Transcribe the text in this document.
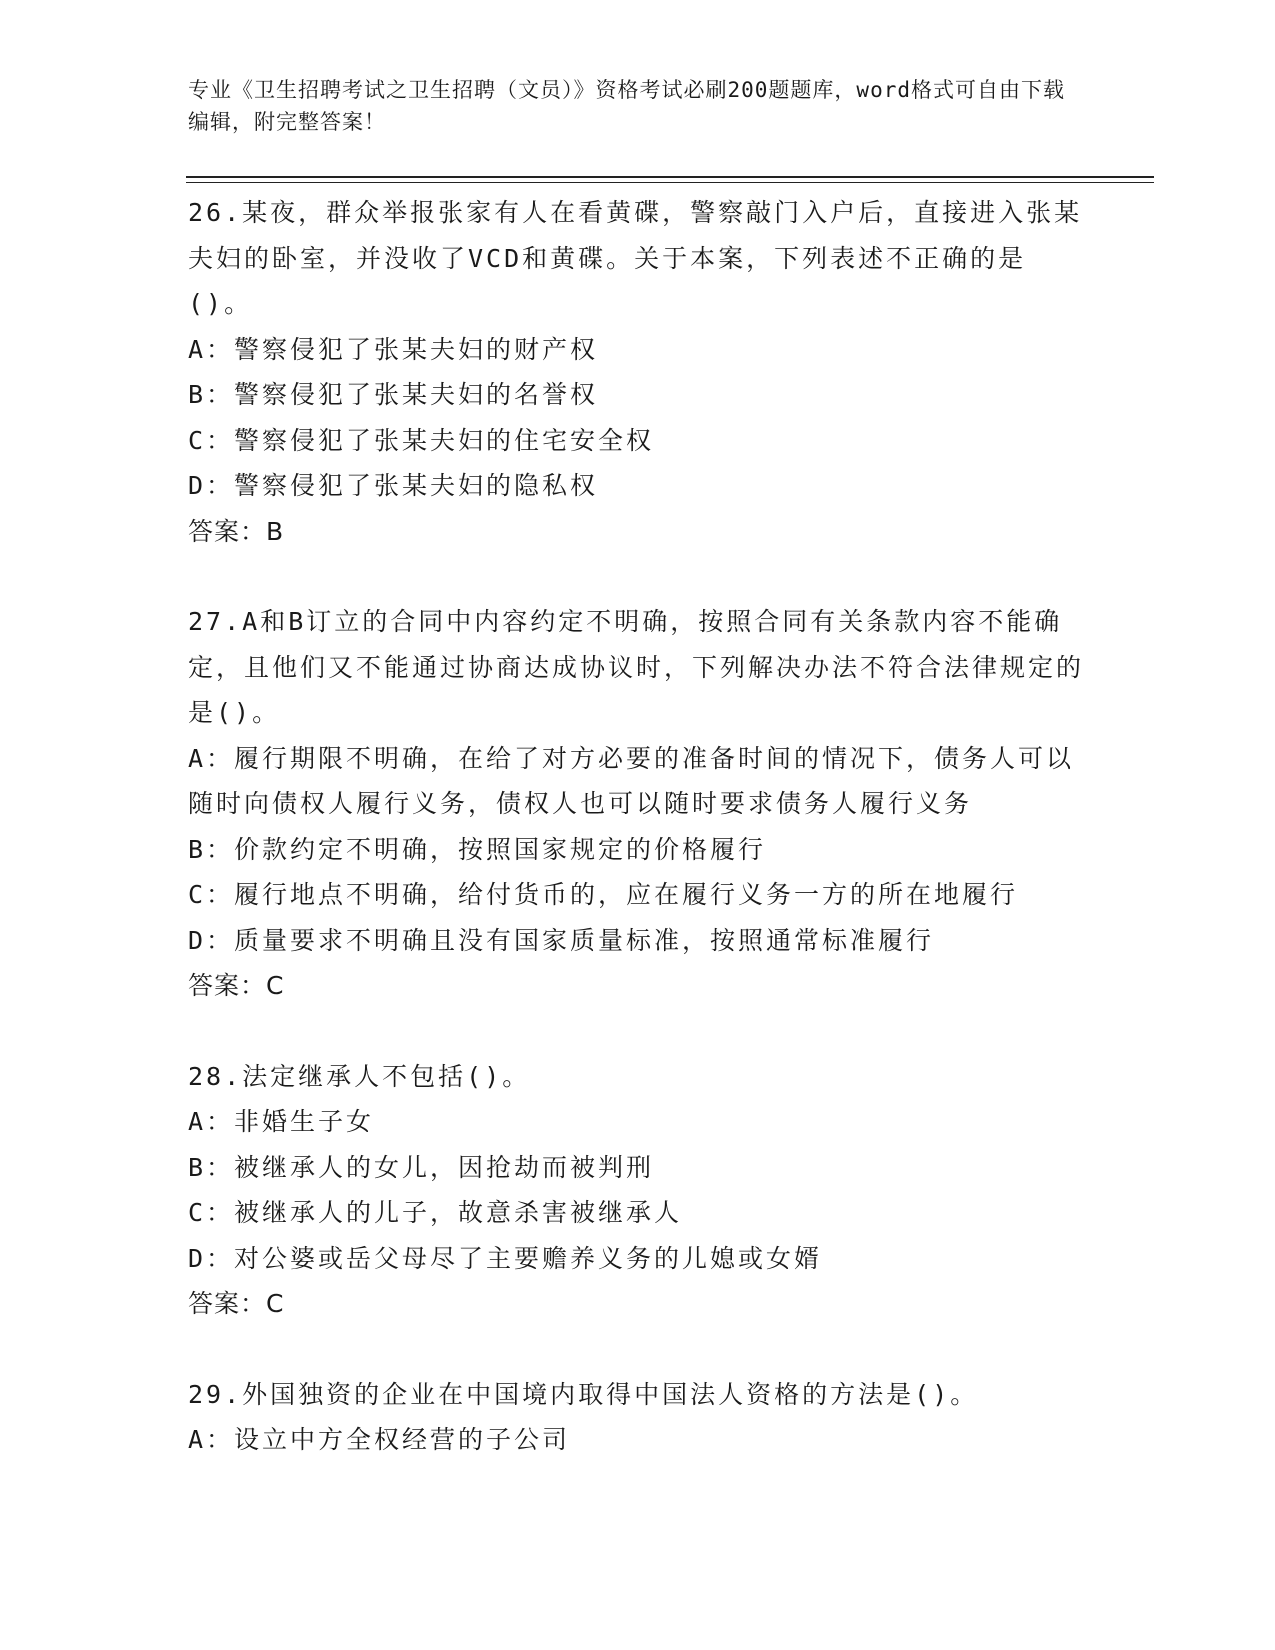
专业《卫生招聘考试之卫生招聘（文员）》资格考试必刷200题题库，word格式可自由下载编辑，附完整答案！

26.某夜，群众举报张家有人在看黄碟，警察敲门入户后，直接进入张某夫妇的卧室，并没收了VCD和黄碟。关于本案，下列表述不正确的是()。

A：警察侵犯了张某夫妇的财产权

B：警察侵犯了张某夫妇的名誉权

C：警察侵犯了张某夫妇的住宅安全权

D：警察侵犯了张某夫妇的隐私权

答案：B

27.A和B订立的合同中内容约定不明确，按照合同有关条款内容不能确定，且他们又不能通过协商达成协议时，下列解决办法不符合法律规定的是()。

A：履行期限不明确，在给了对方必要的准备时间的情况下，债务人可以随时向债权人履行义务，债权人也可以随时要求债务人履行义务

B：价款约定不明确，按照国家规定的价格履行

C：履行地点不明确，给付货币的，应在履行义务一方的所在地履行

D：质量要求不明确且没有国家质量标准，按照通常标准履行

答案：C

28.法定继承人不包括()。

A：非婚生子女

B：被继承人的女儿，因抢劫而被判刑

C：被继承人的儿子，故意杀害被继承人

D：对公婆或岳父母尽了主要赡养义务的儿媳或女婿

答案：C

29.外国独资的企业在中国境内取得中国法人资格的方法是()。

A：设立中方全权经营的子公司
